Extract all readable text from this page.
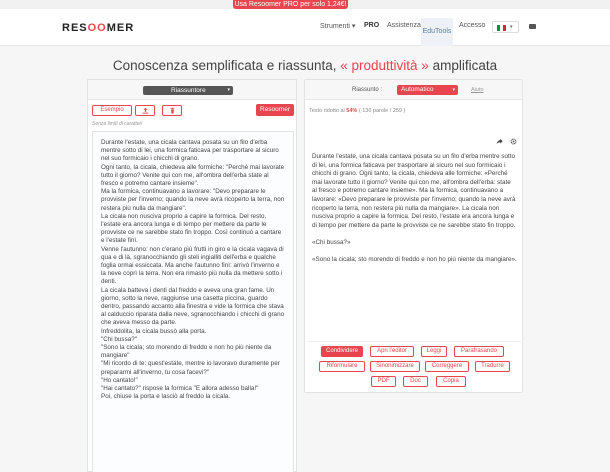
Usa Resoomer PRO per solo 1,24€!
RESOOMER	Strumenti ▾ PRO Assistenza
EduTools
Accesso	▾
Conoscenza semplificata e riassunta, « produttività » amplificata
Riassuntore	▾
Esempio	Resoomer
Senza limiti di caratteri
Durante l'estate, una cicala cantava posata su un filo d'erba mentre sotto di lei, una formica faticava per trasportare al sicuro nel suo formicaio i chicchi di grano.
Ogni tanto, la cicala, chiedeva alle formiche: "Perché mai lavorate tutto il giorno? Venite qui con me, all'ombra dell'erba state al fresco e potremo cantare insieme".
Ma la formica, continuavano a lavorare: "Devo preparare le provviste per l'inverno; quando la neve avrà ricoperto la terra, non restera più nulla da mangiare".
La cicala non nusciva proprio a capire la formica. Del resto, l'estate era ancora lunga e di tempo per mettere da parte le provviste ce ne sarebbe stato fin troppo. Così continuò a cantare e l'estate finì.
Venne l'autunno: non c'erano più frutti in giro e la cicala vagava di qua e di là, sgranocchiando gli steli ingialliti dell'erba e qualche foglia ormai essiccata. Ma anche l'autunno finì: arrivò l'inverno e la neve coprì la terra. Non era rimasto più nulla da mettere sotto i denti.
La cicala batteva i denti dal freddo e aveva una gran fame. Un giorno, sotto la neve, raggiunse una casetta piccina, guardo dentro, passando accanto alla finestra e vide la formica che stava al calduccio riparata dalla neve, sgranocchiando i chicchi di grano che aveva messo da parte.
Infreddolita, la cicala bussò alla porta.
"Chi bussa?"
"Sono la cicala; sto morendo di freddo e non ho più niente da mangiare"
"Mi ricordo di te: quest'estate, mentre io lavoravo duramente per prepararmi all'inverno, tu cosa facevi?"
"Ho cantato!"
"Hai cantato?" rispose la formica "E allora adesso balla!"
Poi, chiuse la porta e lasciò al freddo la cicala.
Riassunto :	Automatico	▾	Aiuto
Testo ridotto al 54% ( 130 parole / 259 )

Durante l'estate, una cicala cantava posata su un filo d'erba mentre sotto di lei, una formica faticava per trasportare al sicuro nel suo formicaio i chicchi di grano. Ogni tanto, la cicala, chiedeva alle formiche: «Perché mai lavorate tutto il giorno? Venite qui con me, all'ombra dell'erba: state al fresco e potremo cantare insieme». Ma la formica, continuavano a lavorare: «Devo preparare le provviste per l'inverno; quando la neve avrà ricoperto la terra, non restera più nulla da mangiare». La cicala non nusciva proprio a capire la formica. Del resto, l'estate era ancora lunga e di tempo per mettere da parte le provviste ce ne sarebbe stato fin troppo.

«Chi bussa?»

«Sono la cicala; sto morendo di freddo e non ho più niente da mangiare».

Condividere	Apri l'editor	Leggi	Parafrasando
Riformulare	Sinonimizzare	Correggere	Tradurre
PDF	Doc	Copia
